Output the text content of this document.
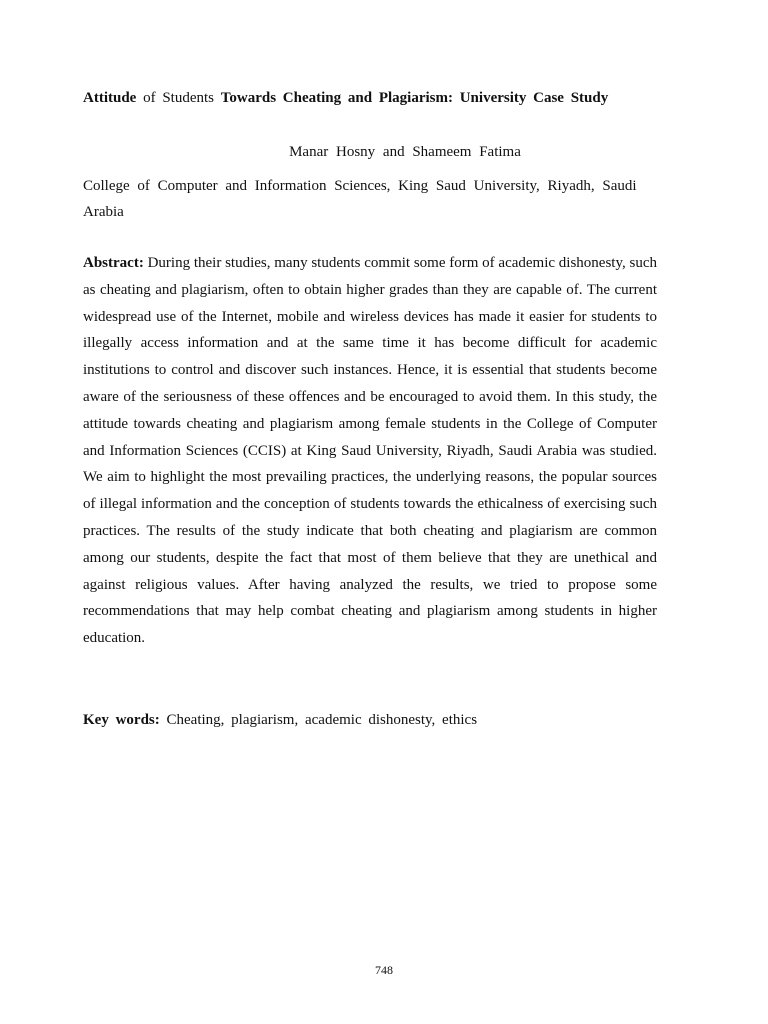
Attitude of Students Towards Cheating and Plagiarism: University Case Study
Manar Hosny and Shameem Fatima
College of Computer and Information Sciences, King Saud University, Riyadh, Saudi Arabia
Abstract: During their studies, many students commit some form of academic dishonesty, such as cheating and plagiarism, often to obtain higher grades than they are capable of. The current widespread use of the Internet, mobile and wireless devices has made it easier for students to illegally access information and at the same time it has become difficult for academic institutions to control and discover such instances. Hence, it is essential that students become aware of the seriousness of these offences and be encouraged to avoid them. In this study, the attitude towards cheating and plagiarism among female students in the College of Computer and Information Sciences (CCIS) at King Saud University, Riyadh, Saudi Arabia was studied. We aim to highlight the most prevailing practices, the underlying reasons, the popular sources of illegal information and the conception of students towards the ethicalness of exercising such practices. The results of the study indicate that both cheating and plagiarism are common among our students, despite the fact that most of them believe that they are unethical and against religious values. After having analyzed the results, we tried to propose some recommendations that may help combat cheating and plagiarism among students in higher education.
Key words: Cheating, plagiarism, academic dishonesty, ethics
748
